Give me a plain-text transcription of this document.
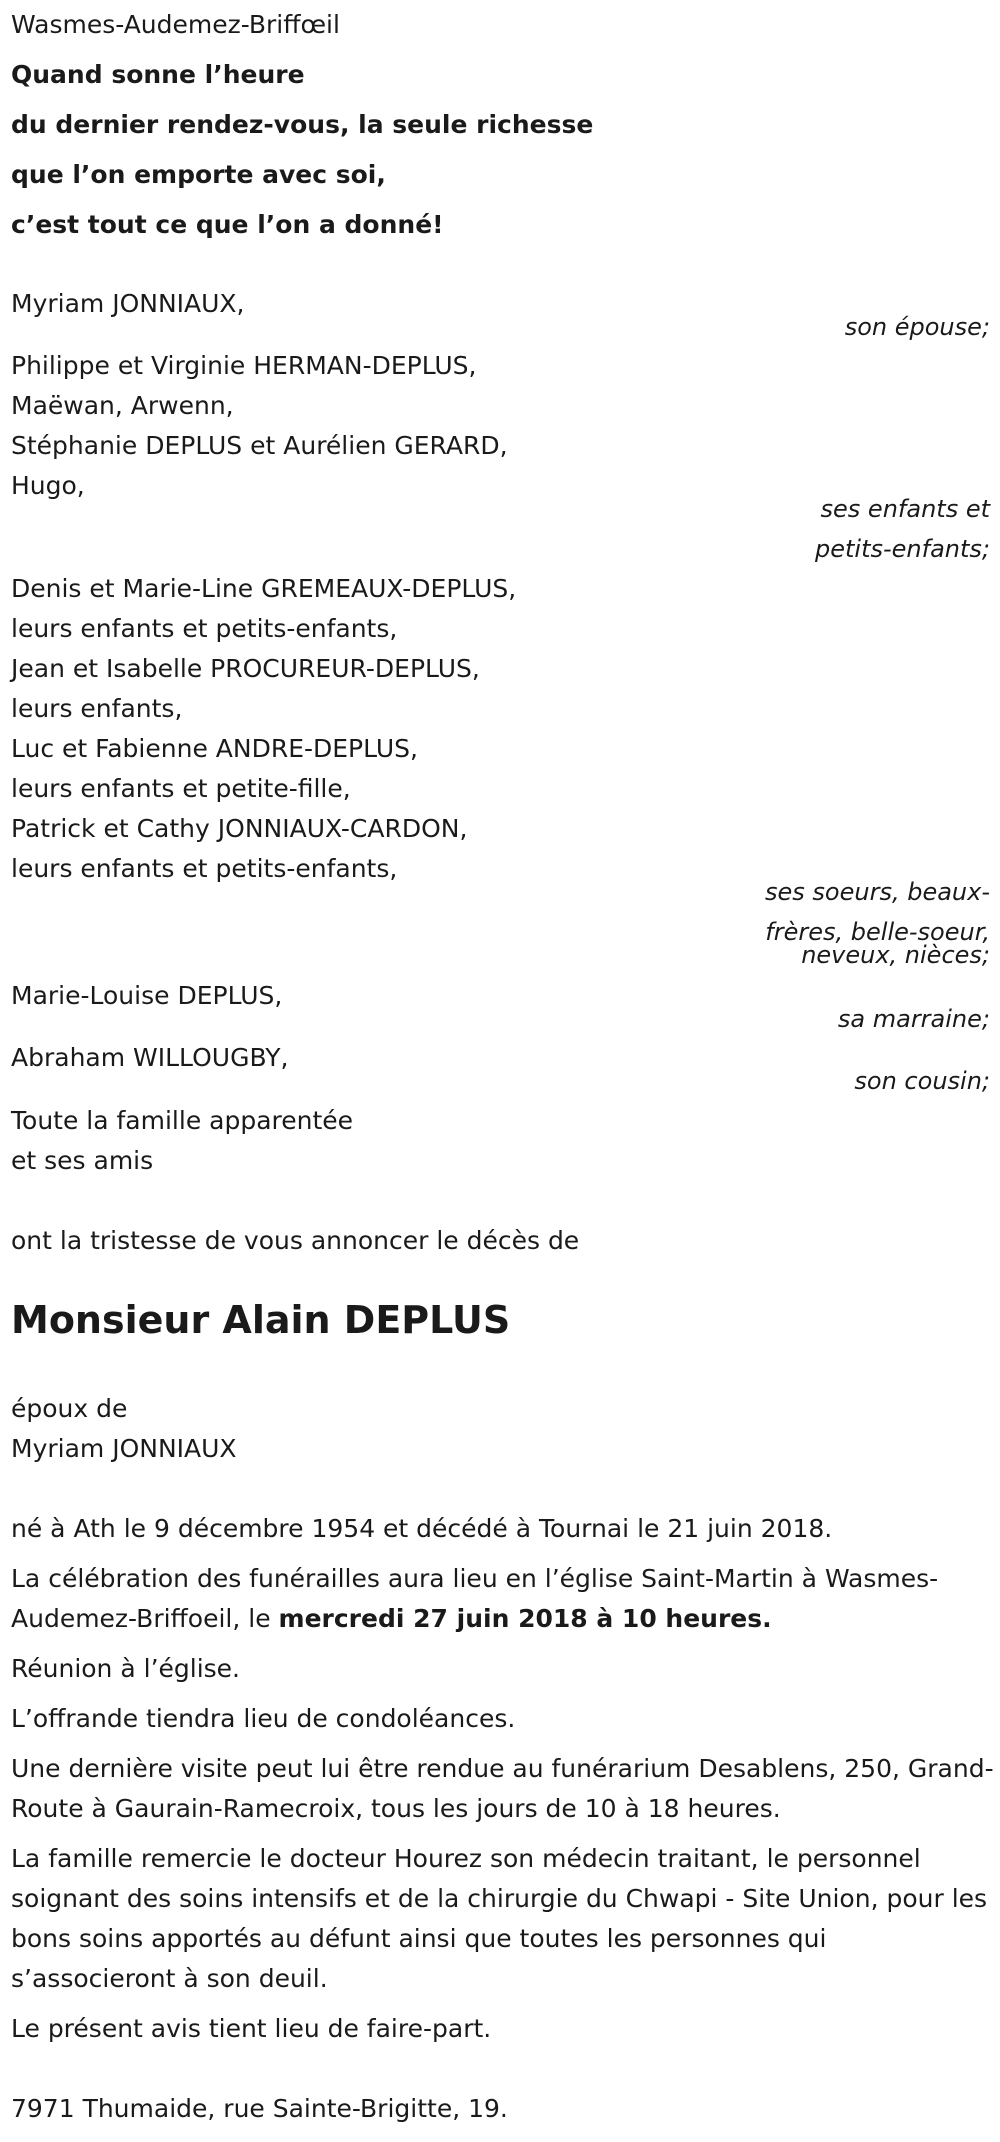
Wasmes-Audemez-Briffœil

Quand sonne l’heure

du dernier rendez-vous, la seule richesse

que l’on emporte avec soi,

c’est tout ce que l’on a donné!

Myriam JONNIAUX,

son épouse;

Philippe et Virginie HERMAN-DEPLUS,

Maëwan, Arwenn,

Stéphanie DEPLUS et Aurélien GERARD,

Hugo,

ses enfants et

petits-enfants;

Denis et Marie-Line GREMEAUX-DEPLUS,

leurs enfants et petits-enfants,

Jean et Isabelle PROCUREUR-DEPLUS,

leurs enfants,

Luc et Fabienne ANDRE-DEPLUS,

leurs enfants et petite-fille,

Patrick et Cathy JONNIAUX-CARDON,

leurs enfants et petits-enfants,

ses soeurs, beaux-

frères, belle-soeur,

neveux, nièces;

Marie-Louise DEPLUS,

sa marraine;

Abraham WILLOUGBY,

son cousin;

Toute la famille apparentée

et ses amis

ont la tristesse de vous annoncer le décès de

Monsieur Alain DEPLUS

époux de

Myriam JONNIAUX

né à Ath le 9 décembre 1954 et décédé à Tournai le 21 juin 2018.

La célébration des funérailles aura lieu en l’église Saint-Martin à Wasmes-Audemez-Briffoeil, le mercredi 27 juin 2018 à 10 heures.

Réunion à l’église.

L’offrande tiendra lieu de condoléances.

Une dernière visite peut lui être rendue au funérarium Desablens, 250, Grand-Route à Gaurain-Ramecroix, tous les jours de 10 à 18 heures.

La famille remercie le docteur Hourez son médecin traitant, le personnel soignant des soins intensifs et de la chirurgie du Chwapi - Site Union, pour les bons soins apportés au défunt ainsi que toutes les personnes qui s’associeront à son deuil.

Le présent avis tient lieu de faire-part.

7971 Thumaide, rue Sainte-Brigitte, 19.
